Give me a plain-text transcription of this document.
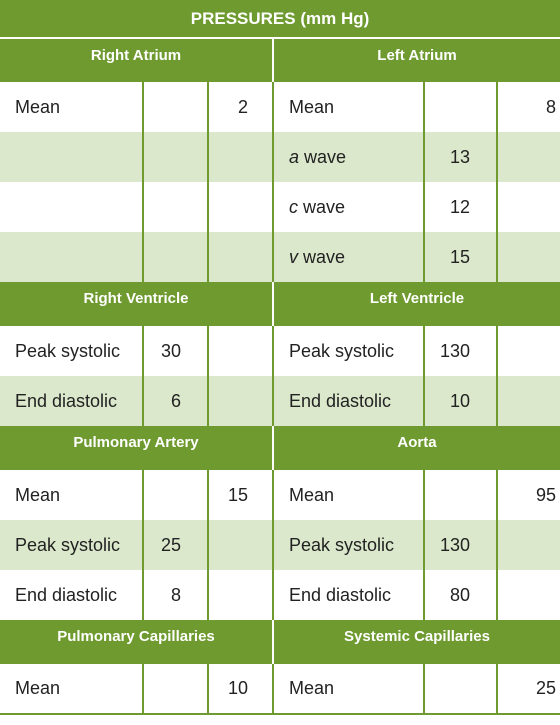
PRESSURES (mm Hg)					
Right Atrium			Left Atrium		
Mean		2	Mean		8
			a wave	13	
			c wave	12	
			v wave	15	
Right Ventricle			Left Ventricle		
Peak systolic	30		Peak systolic	130	
End diastolic	6		End diastolic	10	
Pulmonary Artery			Aorta		
Mean		15	Mean		95
Peak systolic	25		Peak systolic	130	
End diastolic	8		End diastolic	80	
Pulmonary Capillaries			Systemic Capillaries		
Mean		10	Mean		25
